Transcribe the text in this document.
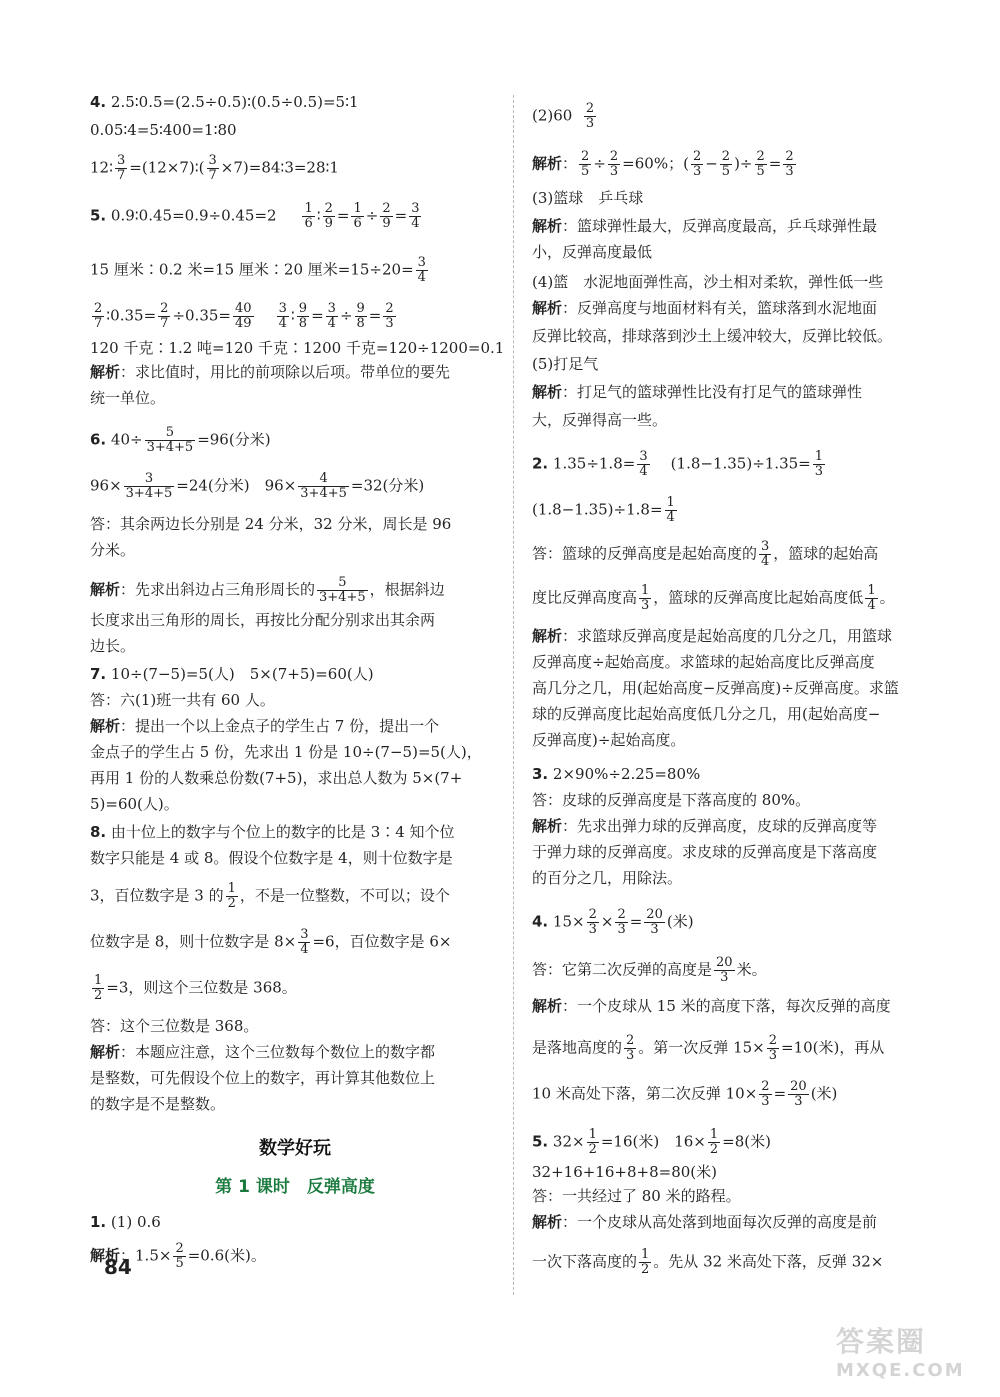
4. 2.5∶0.5=(2.5÷0.5)∶(0.5÷0.5)=5∶1
0.05∶4=5∶400=1∶80
12∶ $\frac{3}{7}$ =(12×7)∶( $\frac{3}{7}$ ×7)=84∶3=28∶1
5. 0.9∶0.45=0.9÷0.45=2 $\frac{1}{6}$ ∶ $\frac{2}{9} = \frac{1}{6} \div \frac{2}{9} = \frac{3}{4}$
15 厘米∶0.2 米=15 厘米∶20 厘米$=15\div 20= \frac{3}{4}$
$\frac{2}{7}$ ∶0.35= $\frac{2}{7} \div 0.35= \frac{40}{49}$
$\frac{3}{4}$ ∶ $\frac{9}{8} = \frac{3}{4} \div \frac{9}{8} = \frac{2}{3}$
120 千克∶1.2 吨=120 千克∶1200 千克=120÷1200=0.1
解析：求比值时，用比的前项除以后项。带单位的要先
统一单位。
6. $40\div \frac{5}{3+4+5} =96$(分米)
$96\times \frac{3}{3+4+5} =24$(分米)　$96\times \frac{4}{3+4+5} =32$(分米)
答：其余两边长分别是 24 分米，32 分米，周长是 96
分米。
解析：先求出斜边占三角形周长的 $\frac{5}{3+4+5}$ ，根据斜边
长度求出三角形的周长，再按比分配分别求出其余两
边长。
7. 10÷(7−5)=5(人)　5×(7+5)=60(人)
答：六(1)班一共有 60 人。
解析：提出一个以上金点子的学生占 7 份，提出一个
金点子的学生占 5 份，先求出 1 份是 10÷(7−5)=5(人)，
再用 1 份的人数乘总份数(7+5)，求出总人数为 5×(7+
5)=60(人)。
8. 由十位上的数字与个位上的数字的比是 3∶4 知个位
数字只能是 4 或 8。假设个位数字是 4，则十位数字是
3，百位数字是 3 的 $\frac{1}{2}$ ，不是一位整数，不可以；设个
位数字是 8，则十位数字是 $8\times \frac{3}{4} =6$，百位数字是 6×
$\frac{1}{2} =3$，则这个三位数是 368。
答：这个三位数是 368。
解析：本题应注意，这个三位数每个数位上的数字都
是整数，可先假设个位上的数字，再计算其他数位上
的数字是不是整数。
数学好玩
第 1 课时　反弹高度
1. (1) 0.6
解析：$1.5\times \frac{2}{5} =0.6$(米)。
$(2)60 \frac{2}{3}$
解析： $\frac{2}{5} \div \frac{2}{3} =60\%$；( $\frac{2}{3} - \frac{2}{5}$ )÷ $\frac{2}{5} = \frac{2}{3}$
(3)篮球　乒乓球
解析：篮球弹性最大，反弹高度最高，乒乓球弹性最
小，反弹高度最低
(4)篮　水泥地面弹性高，沙土相对柔软，弹性低一些
解析：反弹高度与地面材料有关，篮球落到水泥地面
反弹比较高，排球落到沙土上缓冲较大，反弹比较低。
(5)打足气
解析：打足气的篮球弹性比没有打足气的篮球弹性
大，反弹得高一些。
2. $1.35\div 1.8= \frac{3}{4} (1.8-1.35)\div 1.35= \frac{1}{3}$
$(1.8-1.35)\div 1.8= \frac{1}{4}$
答：篮球的反弹高度是起始高度的 $\frac{3}{4}$ ，篮球的起始高
度比反弹高度高 $\frac{1}{3}$ ，篮球的反弹高度比起始高度低 $\frac{1}{4}$ 。
解析：求篮球反弹高度是起始高度的几分之几，用篮球
反弹高度÷起始高度。求篮球的起始高度比反弹高度
高几分之几，用(起始高度−反弹高度)÷反弹高度。求篮
球的反弹高度比起始高度低几分之几，用(起始高度−
反弹高度)÷起始高度。
3. 2×90%÷2.25=80%
答：皮球的反弹高度是下落高度的 80%。
解析：先求出弹力球的反弹高度，皮球的反弹高度等
于弹力球的反弹高度。求皮球的反弹高度是下落高度
的百分之几，用除法。
4. $15\times \frac{2}{3} \times \frac{2}{3} = \frac{20}{3}$ (米)
答：它第二次反弹的高度是 $\frac{20}{3}$ 米。
解析：一个皮球从 15 米的高度下落，每次反弹的高度
是落地高度的 $\frac{2}{3}$ 。第一次反弹 $15\times \frac{2}{3} =10$(米)，再从
10 米高处下落，第二次反弹 $10\times \frac{2}{3} = \frac{20}{3}$ (米)
5. $32\times \frac{1}{2} =16$(米)　$16\times \frac{1}{2} =8$(米)
32+16+16+8+8=80(米)
答：一共经过了 80 米的路程。
解析：一个皮球从高处落到地面每次反弹的高度是前
一次下落高度的 $\frac{1}{2}$ 。先从 32 米高处下落，反弹 32×
84
答案圈
MXQE.COM
